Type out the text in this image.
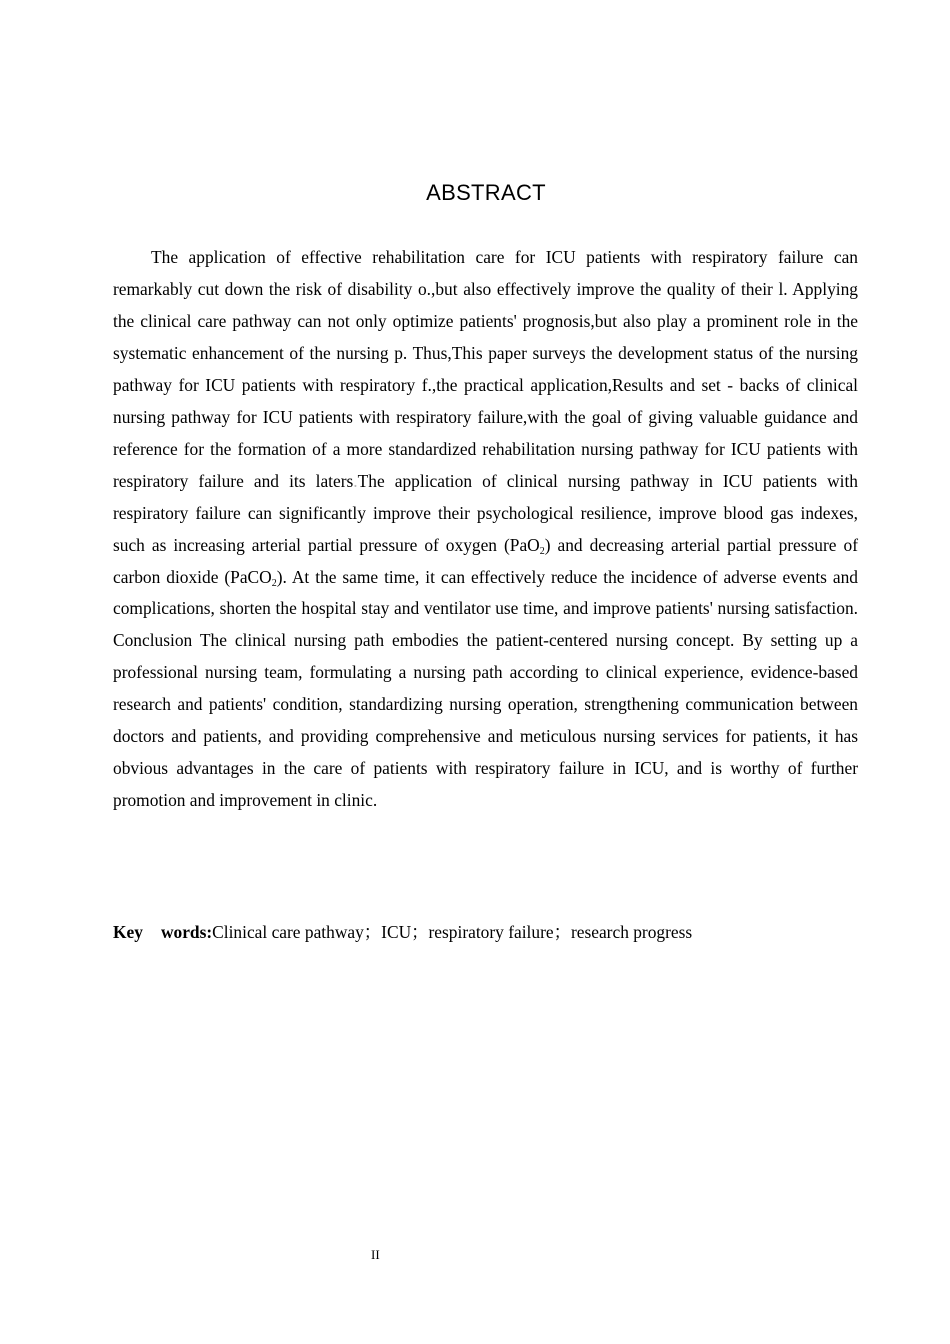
ABSTRACT

The application of effective rehabilitation care for ICU patients with respiratory failure can remarkably cut down the risk of disability o.,but also effectively improve the quality of their l. Applying the clinical care pathway can not only optimize patients' prognosis,but also play a prominent role in the systematic enhancement of the nursing p. Thus,This paper surveys the development status of the nursing pathway for ICU patients with respiratory f.,the practical application,Results and set - backs of clinical nursing pathway for ICU patients with respiratory failure,with the goal of giving valuable guidance and reference for the formation of a more standardized rehabilitation nursing pathway for ICU patients with respiratory failure and its laters.The application of clinical nursing pathway in ICU patients with respiratory failure can significantly improve their psychological resilience, improve blood gas indexes, such as increasing arterial partial pressure of oxygen (PaO$_2$) and decreasing arterial partial pressure of carbon dioxide (PaCO$_2$). At the same time, it can effectively reduce the incidence of adverse events and complications, shorten the hospital stay and ventilator use time, and improve patients' nursing satisfaction. Conclusion The clinical nursing path embodies the patient-centered nursing concept. By setting up a professional nursing team, formulating a nursing path according to clinical experience, evidence-based research and patients' condition, standardizing nursing operation, strengthening communication between doctors and patients, and providing comprehensive and meticulous nursing services for patients, it has obvious advantages in the care of patients with respiratory failure in ICU, and is worthy of further promotion and improvement in clinic.

Key words:Clinical care pathway；ICU；respiratory failure；research progress
II
